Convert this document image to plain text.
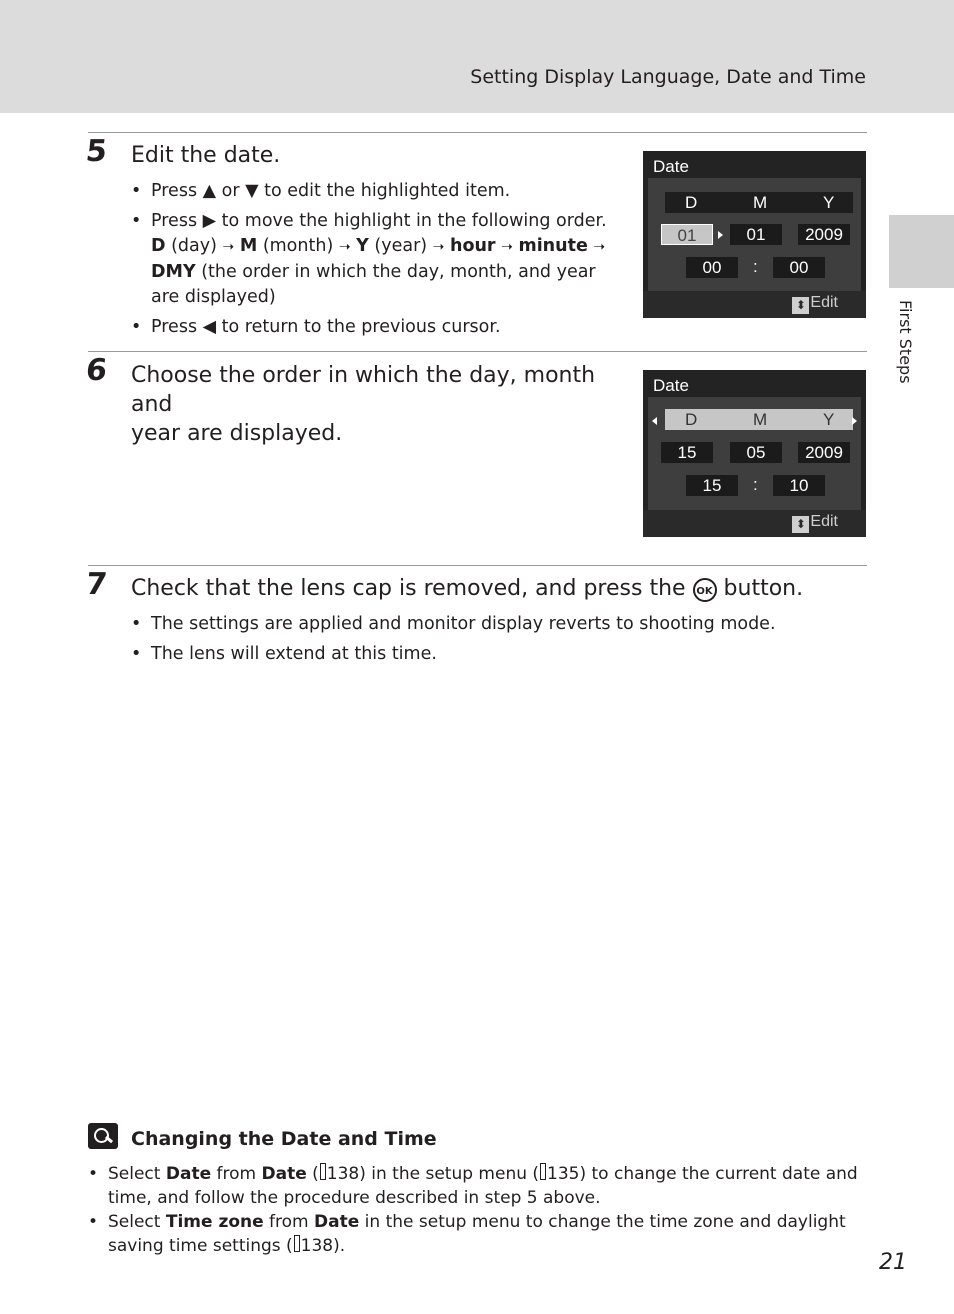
Setting Display Language, Date and Time
First Steps
5 Edit the date.
• Press ▲ or ▼ to edit the highlighted item.
• Press ▶ to move the highlight in the following order.
D (day) ➝ M (month) ➝ Y (year) ➝ hour ➝ minute ➝ DMY (the order in which the day, month, and year are displayed)
• Press ◀ to return to the previous cursor.
Date
D	M	Y
01	01	2009
00	:	00
⬍ Edit
6 Choose the order in which the day, month and
year are displayed.
Date
D	M	Y
15	05	2009
15	:	10
⬍ Edit
7 Check that the lens cap is removed, and press the OK button.
• The settings are applied and monitor display reverts to shooting mode.
• The lens will extend at this time.
Changing the Date and Time
• Select Date from Date ( 138) in the setup menu ( 135) to change the current date and time, and follow the procedure described in step 5 above.
• Select Time zone from Date in the setup menu to change the time zone and daylight saving time settings ( 138).
21
